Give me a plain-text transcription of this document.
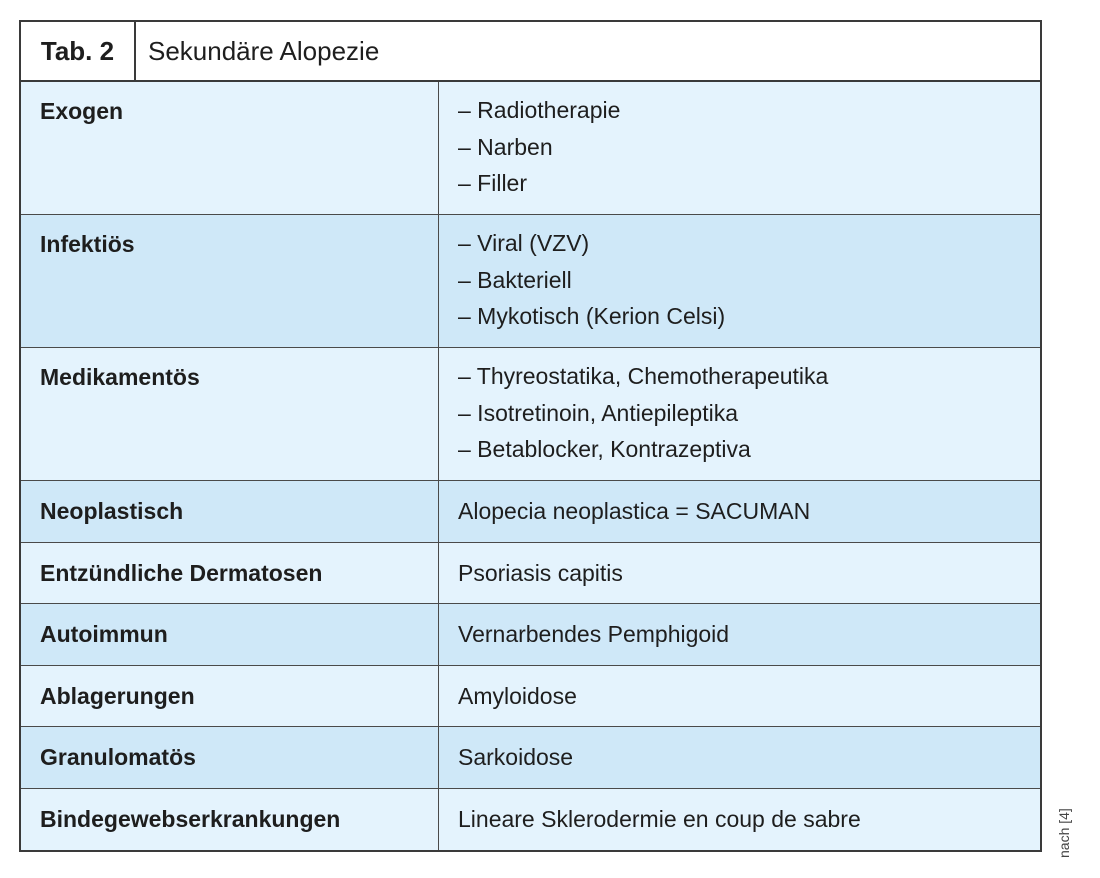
Tab. 2	Sekundäre Alopezie
Exogen	– Radiotherapie
– Narben
– Filler
Infektiös	– Viral (VZV)
– Bakteriell
– Mykotisch (Kerion Celsi)
Medikamentös	– Thyreostatika, Chemotherapeutika
– Isotretinoin, Antiepileptika
– Betablocker, Kontrazeptiva
Neoplastisch	Alopecia neoplastica = SACUMAN
Entzündliche Dermatosen	Psoriasis capitis
Autoimmun	Vernarbendes Pemphigoid
Ablagerungen	Amyloidose
Granulomatös	Sarkoidose
Bindegewebserkrankungen	Lineare Sklerodermie en coup de sabre	nach [4]
